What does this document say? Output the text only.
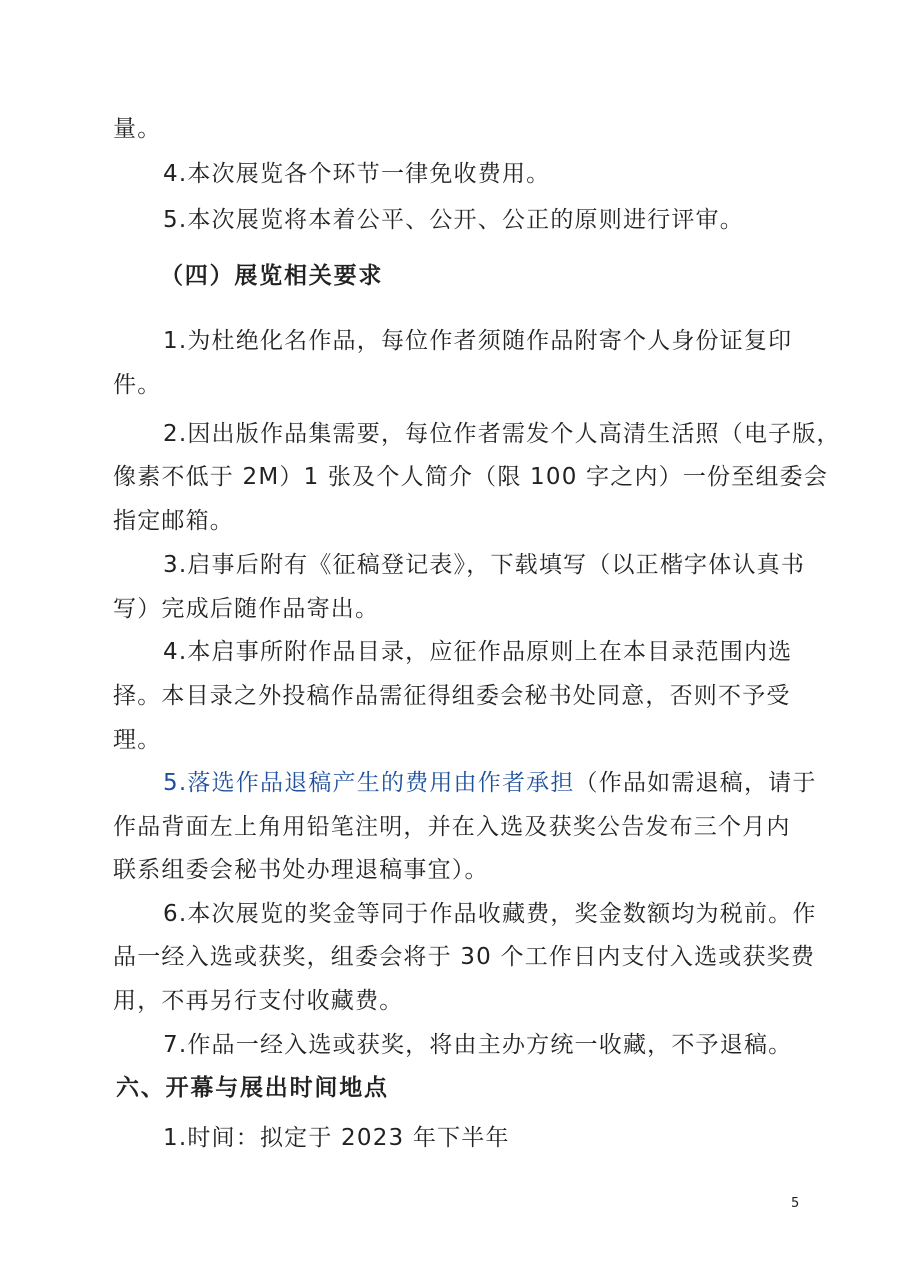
量。
4.本次展览各个环节一律免收费用。
5.本次展览将本着公平、公开、公正的原则进行评审。
（四）展览相关要求
1.为杜绝化名作品，每位作者须随作品附寄个人身份证复印
件。
2.因出版作品集需要，每位作者需发个人高清生活照（电子版，
像素不低于 2M）1 张及个人简介（限 100 字之内）一份至组委会
指定邮箱。
3.启事后附有《征稿登记表》，下载填写（以正楷字体认真书
写）完成后随作品寄出。
4.本启事所附作品目录，应征作品原则上在本目录范围内选
择。本目录之外投稿作品需征得组委会秘书处同意，否则不予受
理。
5.落选作品退稿产生的费用由作者承担（作品如需退稿，请于
作品背面左上角用铅笔注明，并在入选及获奖公告发布三个月内
联系组委会秘书处办理退稿事宜）。
6.本次展览的奖金等同于作品收藏费，奖金数额均为税前。作
品一经入选或获奖，组委会将于 30 个工作日内支付入选或获奖费
用，不再另行支付收藏费。
7.作品一经入选或获奖，将由主办方统一收藏，不予退稿。
六、开幕与展出时间地点
1.时间：拟定于 2023 年下半年
5
